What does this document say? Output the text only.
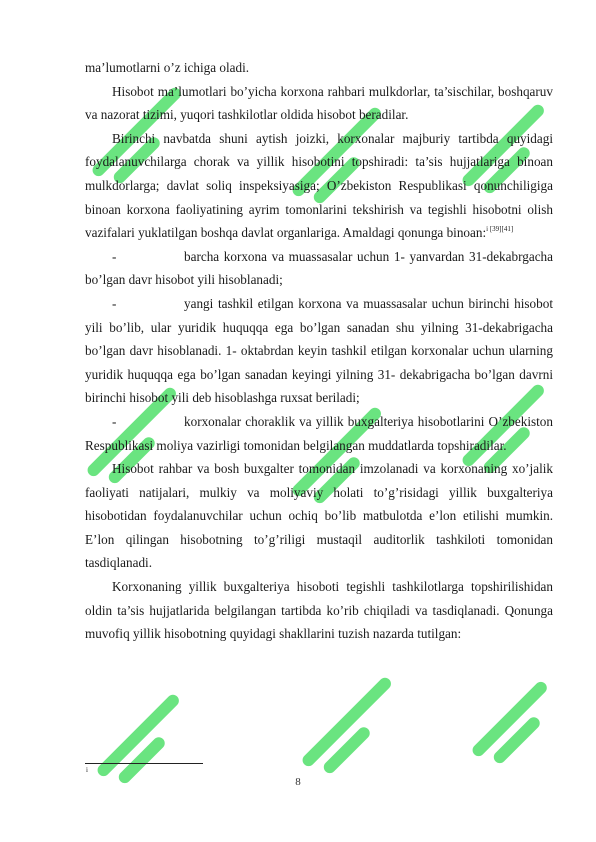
ma’lumotlarni o’z ichiga oladi.

Hisobot ma’lumotlari bo’yicha korxona rahbari mulkdorlar, ta’sischilar, boshqaruv va nazorat tizimi, yuqori tashkilotlar oldida hisobot beradilar.

Birinchi navbatda shuni aytish joizki, korxonalar majburiy tartibda quyidagi foydalanuvchilarga chorak va yillik hisobotini topshiradi: ta’sis hujjatlariga binoan mulkdorlarga; davlat soliq inspeksiyasiga; O’zbekiston Respublikasi qonunchiligiga binoan korxona faoliyatining ayrim tomonlarini tekshirish va tegishli hisobotni olish vazifalari yuklatilgan boshqa davlat organlariga. Amaldagi qonunga binoan:$^{i [39][41]}$

-	barcha korxona va muassasalar uchun 1- yanvardan 31-dekabrgacha bo’lgan davr hisobot yili hisoblanadi;

-	yangi tashkil etilgan korxona va muassasalar uchun birinchi hisobot yili bo’lib, ular yuridik huquqqa ega bo’lgan sanadan shu yilning 31-dekabrigacha bo’lgan davr hisoblanadi. 1- oktabrdan keyin tashkil etilgan korxonalar uchun ularning yuridik huquqqa ega bo’lgan sanadan keyingi yilning 31- dekabrigacha bo’lgan davrni birinchi hisobot yili deb hisoblashga ruxsat beriladi;

-	korxonalar choraklik va yillik buxgalteriya hisobotlarini O’zbekiston Respublikasi moliya vazirligi tomonidan belgilangan muddatlarda topshiradilar.

Hisobot rahbar va bosh buxgalter tomonidan imzolanadi va korxonaning xo’jalik faoliyati natijalari, mulkiy va moliyaviy holati to’g’risidagi yillik buxgalteriya hisobotidan foydalanuvchilar uchun ochiq bo’lib matbulotda e’lon etilishi mumkin. E’lon qilingan hisobotning to’g’riligi mustaqil auditorlik tashkiloti tomonidan tasdiqlanadi.

Korxonaning yillik buxgalteriya hisoboti tegishli tashkilotlarga topshirilishidan oldin ta’sis hujjatlarida belgilangan tartibda ko’rib chiqiladi va tasdiqlanadi. Qonunga muvofiq yillik hisobotning quyidagi shakllarini tuzish nazarda tutilgan:

i
8
